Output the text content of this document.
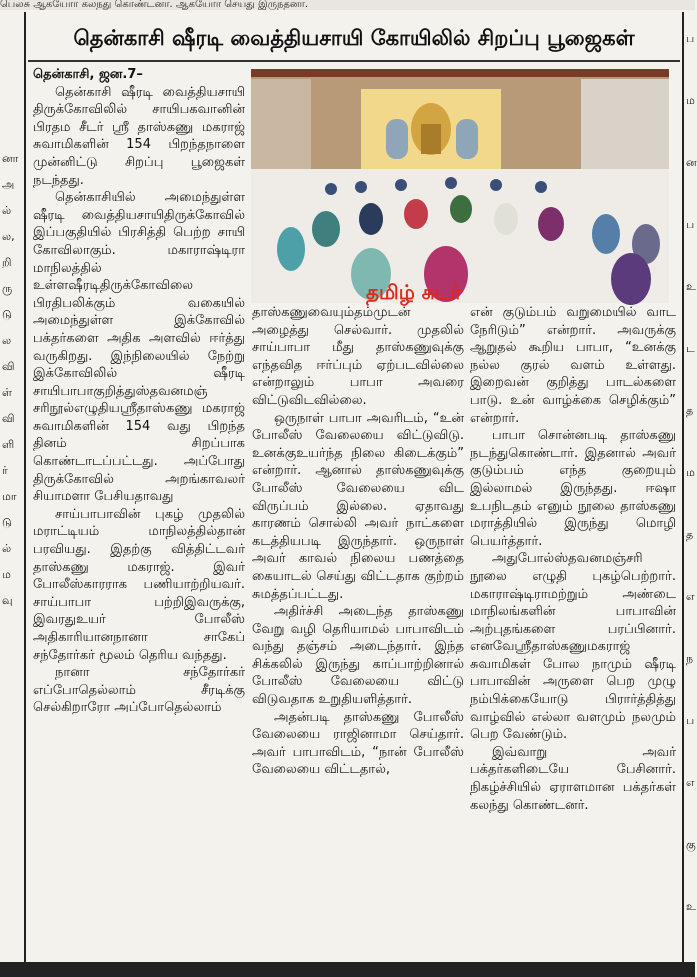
பெலசு ஆகயோா கலநது கொண்டனா. ஆகயோா செயது இருநதனா.
னா
அ
ல்
ல,
றி
ரு
டு
ல
வி
ள்
வி
ளி
ர்
மா
டு
ல்
ம
வு
ப
ம
ன
ப
உ
ட
த
ம
த
எ
ந
ப
எ
கு
உ
தென்காசி ஷீரடி வைத்தியசாயி கோயிலில் சிறப்பு பூஜைகள்
தமிழ் சுடர்

தென்காசி, ஜன.7–

தென்காசி ஷீரடி வைத்தியசாயி திருக்கோவிலில் சாயிபகவானின் பிரதம சீடர் ஸ்ரீ தாஸ்கணு மகராஜ் சுவாமிகளின் 154 பிறந்தநாளை முன்னிட்டு சிறப்பு பூஜைகள் நடந்தது.

தென்காசியில் அமைந்துள்ள ஷீரடி வைத்தியசாயிதிருக்கோவில் இப்பகுதியில் பிரசித்தி பெற்ற சாயி கோவிலாகும். மகாராஷ்டிரா மாநிலத்தில் உள்ளஷீரடிதிருக்கோவிலை பிரதிபலிக்கும் வகையில் அமைந்துள்ள இக்கோவில் பக்தர்களை அதிக அளவில் ஈர்த்து வருகிறது. இந்நிலையில் நேற்று இக்கோவிலில் ஷீரடி சாயிபாபாகுறித்துஸ்தவனமஞ் சரிநூல்எழுதியஸ்ரீதாஸ்கணு மகராஜ் சுவாமிகளின் 154 வது பிறந்த தினம் சிறப்பாக கொண்டாடப்பட்டது. அப்போது திருக்கோவில் அறங்காவலர் சியாமளா பேசியதாவது

சாய்பாபாவின் புகழ் முதலில் மராட்டியம் மாநிலத்தில்தான் பரவியது. இதற்கு வித்திட்டவர் தாஸ்கணு மகராஜ். இவர் போலீஸ்காரராக பணியாற்றியவர். சாய்பாபா பற்றிஇவருக்கு, இவரதுஉயர் போலீஸ் அதிகாரியானநானா சாகேப் சந்தோர்கர் மூலம் தெரிய வந்தது.

நானா சந்தோர்கர் எப்போதெல்லாம் சீரடிக்கு செல்கிறாரோ அப்போதெல்லாம்

தாஸ்கணுவையும்தம்முடன் அழைத்து செல்வார். முதலில் சாய்பாபா மீது தாஸ்கணுவுக்கு எந்தவித ஈர்ப்பும் ஏற்படவில்லை என்றாலும் பாபா அவரை விட்டுவிடவில்லை.

ஒருநாள் பாபா அவரிடம், “உன் போலீஸ் வேலையை விட்டுவிடு. உனக்குஉயர்ந்த நிலை கிடைக்கும்” என்றார். ஆனால் தாஸ்கணுவுக்கு போலீஸ் வேலையை விட விருப்பம் இல்லை. ஏதாவது காரணம் சொல்லி அவர் நாட்களை கடத்தியபடி இருந்தார். ஒருநாள் அவர் காவல் நிலைய பணத்தை கையாடல் செய்து விட்டதாக குற்றம் சுமத்தப்பட்டது.

அதிர்ச்சி அடைந்த தாஸ்கணு வேறு வழி தெரியாமல் பாபாவிடம் வந்து தஞ்சம் அடைந்தார். இந்த சிக்கலில் இருந்து காப்பாற்றினால் போலீஸ் வேலையை விட்டு விடுவதாக உறுதியளித்தார்.

அதன்படி தாஸ்கணு போலீஸ் வேலையை ராஜினாமா செய்தார். அவர் பாபாவிடம், “நான் போலீஸ் வேலையை விட்டதால்,

என் குடும்பம் வறுமையில் வாட நேரிடும்” என்றார். அவருக்கு ஆறுதல் கூறிய பாபா, “உனக்கு நல்ல குரல் வளம் உள்ளது. இறைவன் குறித்து பாடல்களை பாடு. உன் வாழ்க்கை செழிக்கும்” என்றார்.

பாபா சொன்னபடி தாஸ்கணு நடந்துகொண்டார். இதனால் அவர் குடும்பம் எந்த குறையும் இல்லாமல் இருந்தது. ஈஷா உபநிடதம் எனும் நூலை தாஸ்கணு மராத்தியில் இருந்து மொழி பெயர்த்தார்.

அதுபோல்ஸ்தவனமஞ்சரி நூலை எழுதி புகழ்பெற்றார். மகாராஷ்டிராமற்றும் அண்டை மாநிலங்களின் பாபாவின் அற்புதங்களை பரப்பினார். எனவேஸ்ரீதாஸ்கணுமகராஜ் சுவாமிகள் போல நாமும் ஷீரடி பாபாவின் அருளை பெற முழு நம்பிக்கையோடு பிரார்த்தித்து வாழ்வில் எல்லா வளமும் நலமும் பெற வேண்டும்.

இவ்வாறு அவர் பக்தர்களிடையே பேசினார். நிகழ்ச்சியில் ஏராளமான பக்தர்கள் கலந்து கொண்டனர்.
